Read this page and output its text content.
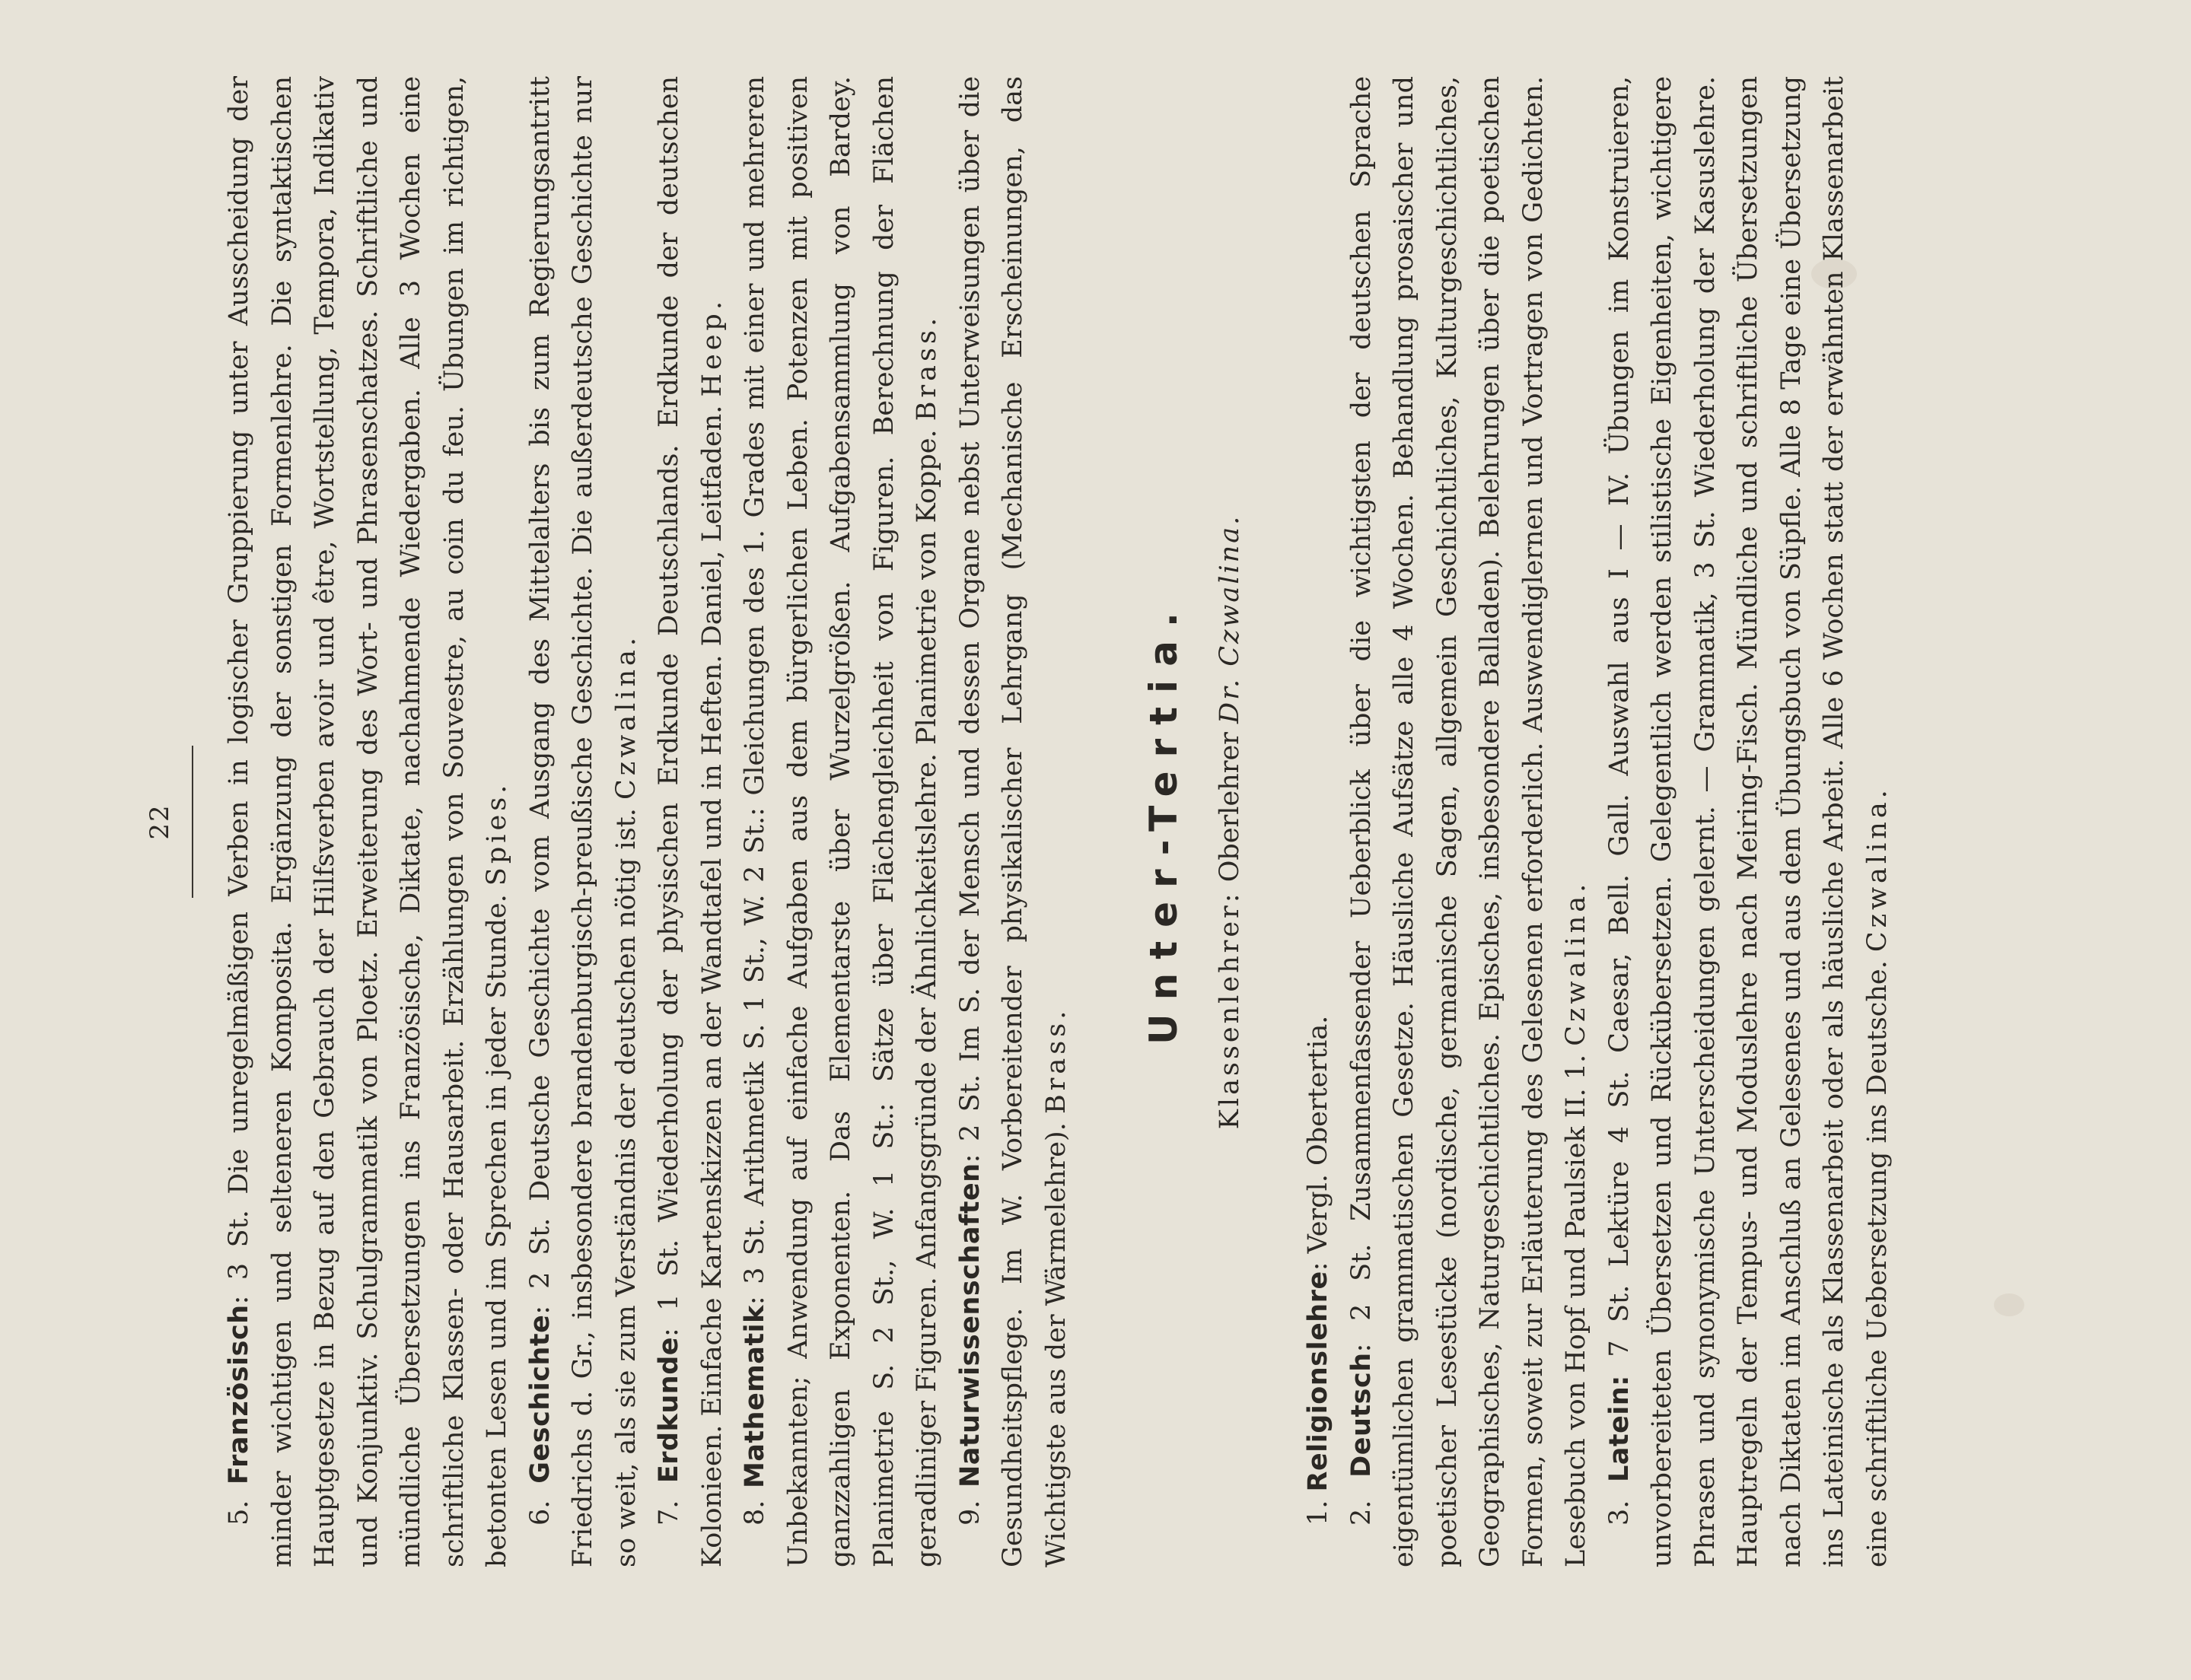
22

5. Französisch: 3 St. Die unregelmäßigen Verben in logischer Gruppierung unter Ausscheidung der minder wichtigen und selteneren Komposita. Ergänzung der sonstigen Formenlehre. Die syntaktischen Hauptgesetze in Bezug auf den Gebrauch der Hilfsverben avoir und être, Wortstellung, Tempora, Indikativ und Konjunktiv. Schulgrammatik von Ploetz. Erweiterung des Wort- und Phrasenschatzes. Schriftliche und mündliche Übersetzungen ins Französische, Diktate, nachahmende Wiedergaben. Alle 3 Wochen eine schriftliche Klassen- oder Hausarbeit. Erzählungen von Souvestre, au coin du feu. Übungen im richtigen, betonten Lesen und im Sprechen in jeder Stunde. Spies.

6. Geschichte: 2 St. Deutsche Geschichte vom Ausgang des Mittelalters bis zum Regierungsantritt Friedrichs d. Gr., insbesondere brandenburgisch-preußische Geschichte. Die außerdeutsche Geschichte nur so weit, als sie zum Verständnis der deutschen nötig ist. Czwalina.

7. Erdkunde: 1 St. Wiederholung der physischen Erdkunde Deutschlands. Erdkunde der deutschen Kolonieen. Einfache Kartenskizzen an der Wandtafel und in Heften. Daniel, Leitfaden. Heep.

8. Mathematik: 3 St. Arithmetik S. 1 St., W. 2 St.: Gleichungen des 1. Grades mit einer und mehreren Unbekannten; Anwendung auf einfache Aufgaben aus dem bürgerlichen Leben. Potenzen mit positiven ganzzahligen Exponenten. Das Elementarste über Wurzelgrößen. Aufgabensammlung von Bardey. Planimetrie S. 2 St., W. 1 St.: Sätze über Flächengleichheit von Figuren. Berechnung der Flächen geradliniger Figuren. Anfangsgründe der Ähnlichkeitslehre. Planimetrie von Koppe. Brass.

9. Naturwissenschaften: 2 St. Im S. der Mensch und dessen Organe nebst Unterweisungen über die Gesundheitspflege. Im W. Vorbereitender physikalischer Lehrgang (Mechanische Erscheinungen, das Wichtigste aus der Wärmelehre). Brass.

Unter-Tertia. Klassenlehrer: Oberlehrer Dr. Czwalina.

1. Religionslehre: Vergl. Obertertia.

2. Deutsch: 2 St. Zusammenfassender Ueberblick über die wichtigsten der deutschen Sprache eigentümlichen grammatischen Gesetze. Häusliche Aufsätze alle 4 Wochen. Behandlung prosaischer und poetischer Lesestücke (nordische, germanische Sagen, allgemein Geschichtliches, Kulturgeschichtliches, Geographisches, Naturgeschichtliches. Episches, insbesondere Balladen). Belehrungen über die poetischen Formen, soweit zur Erläuterung des Gelesenen erforderlich. Auswendiglernen und Vortragen von Gedichten. Lesebuch von Hopf und Paulsiek II. 1. Czwalina.

3. Latein: 7 St. Lektüre 4 St. Caesar, Bell. Gall. Auswahl aus I — IV. Übungen im Konstruieren, unvorbereiteten Übersetzen und Rückübersetzen. Gelegentlich werden stilistische Eigenheiten, wichtigere Phrasen und synonymische Unterscheidungen gelernt. — Grammatik, 3 St. Wiederholung der Kasuslehre. Hauptregeln der Tempus- und Moduslehre nach Meiring-Fisch. Mündliche und schriftliche Übersetzungen nach Diktaten im Anschluß an Gelesenes und aus dem Übungsbuch von Süpfle. Alle 8 Tage eine Übersetzung ins Lateinische als Klassenarbeit oder als häusliche Arbeit. Alle 6 Wochen statt der erwähnten Klassenarbeit eine schriftliche Uebersetzung ins Deutsche. Czwalina.
